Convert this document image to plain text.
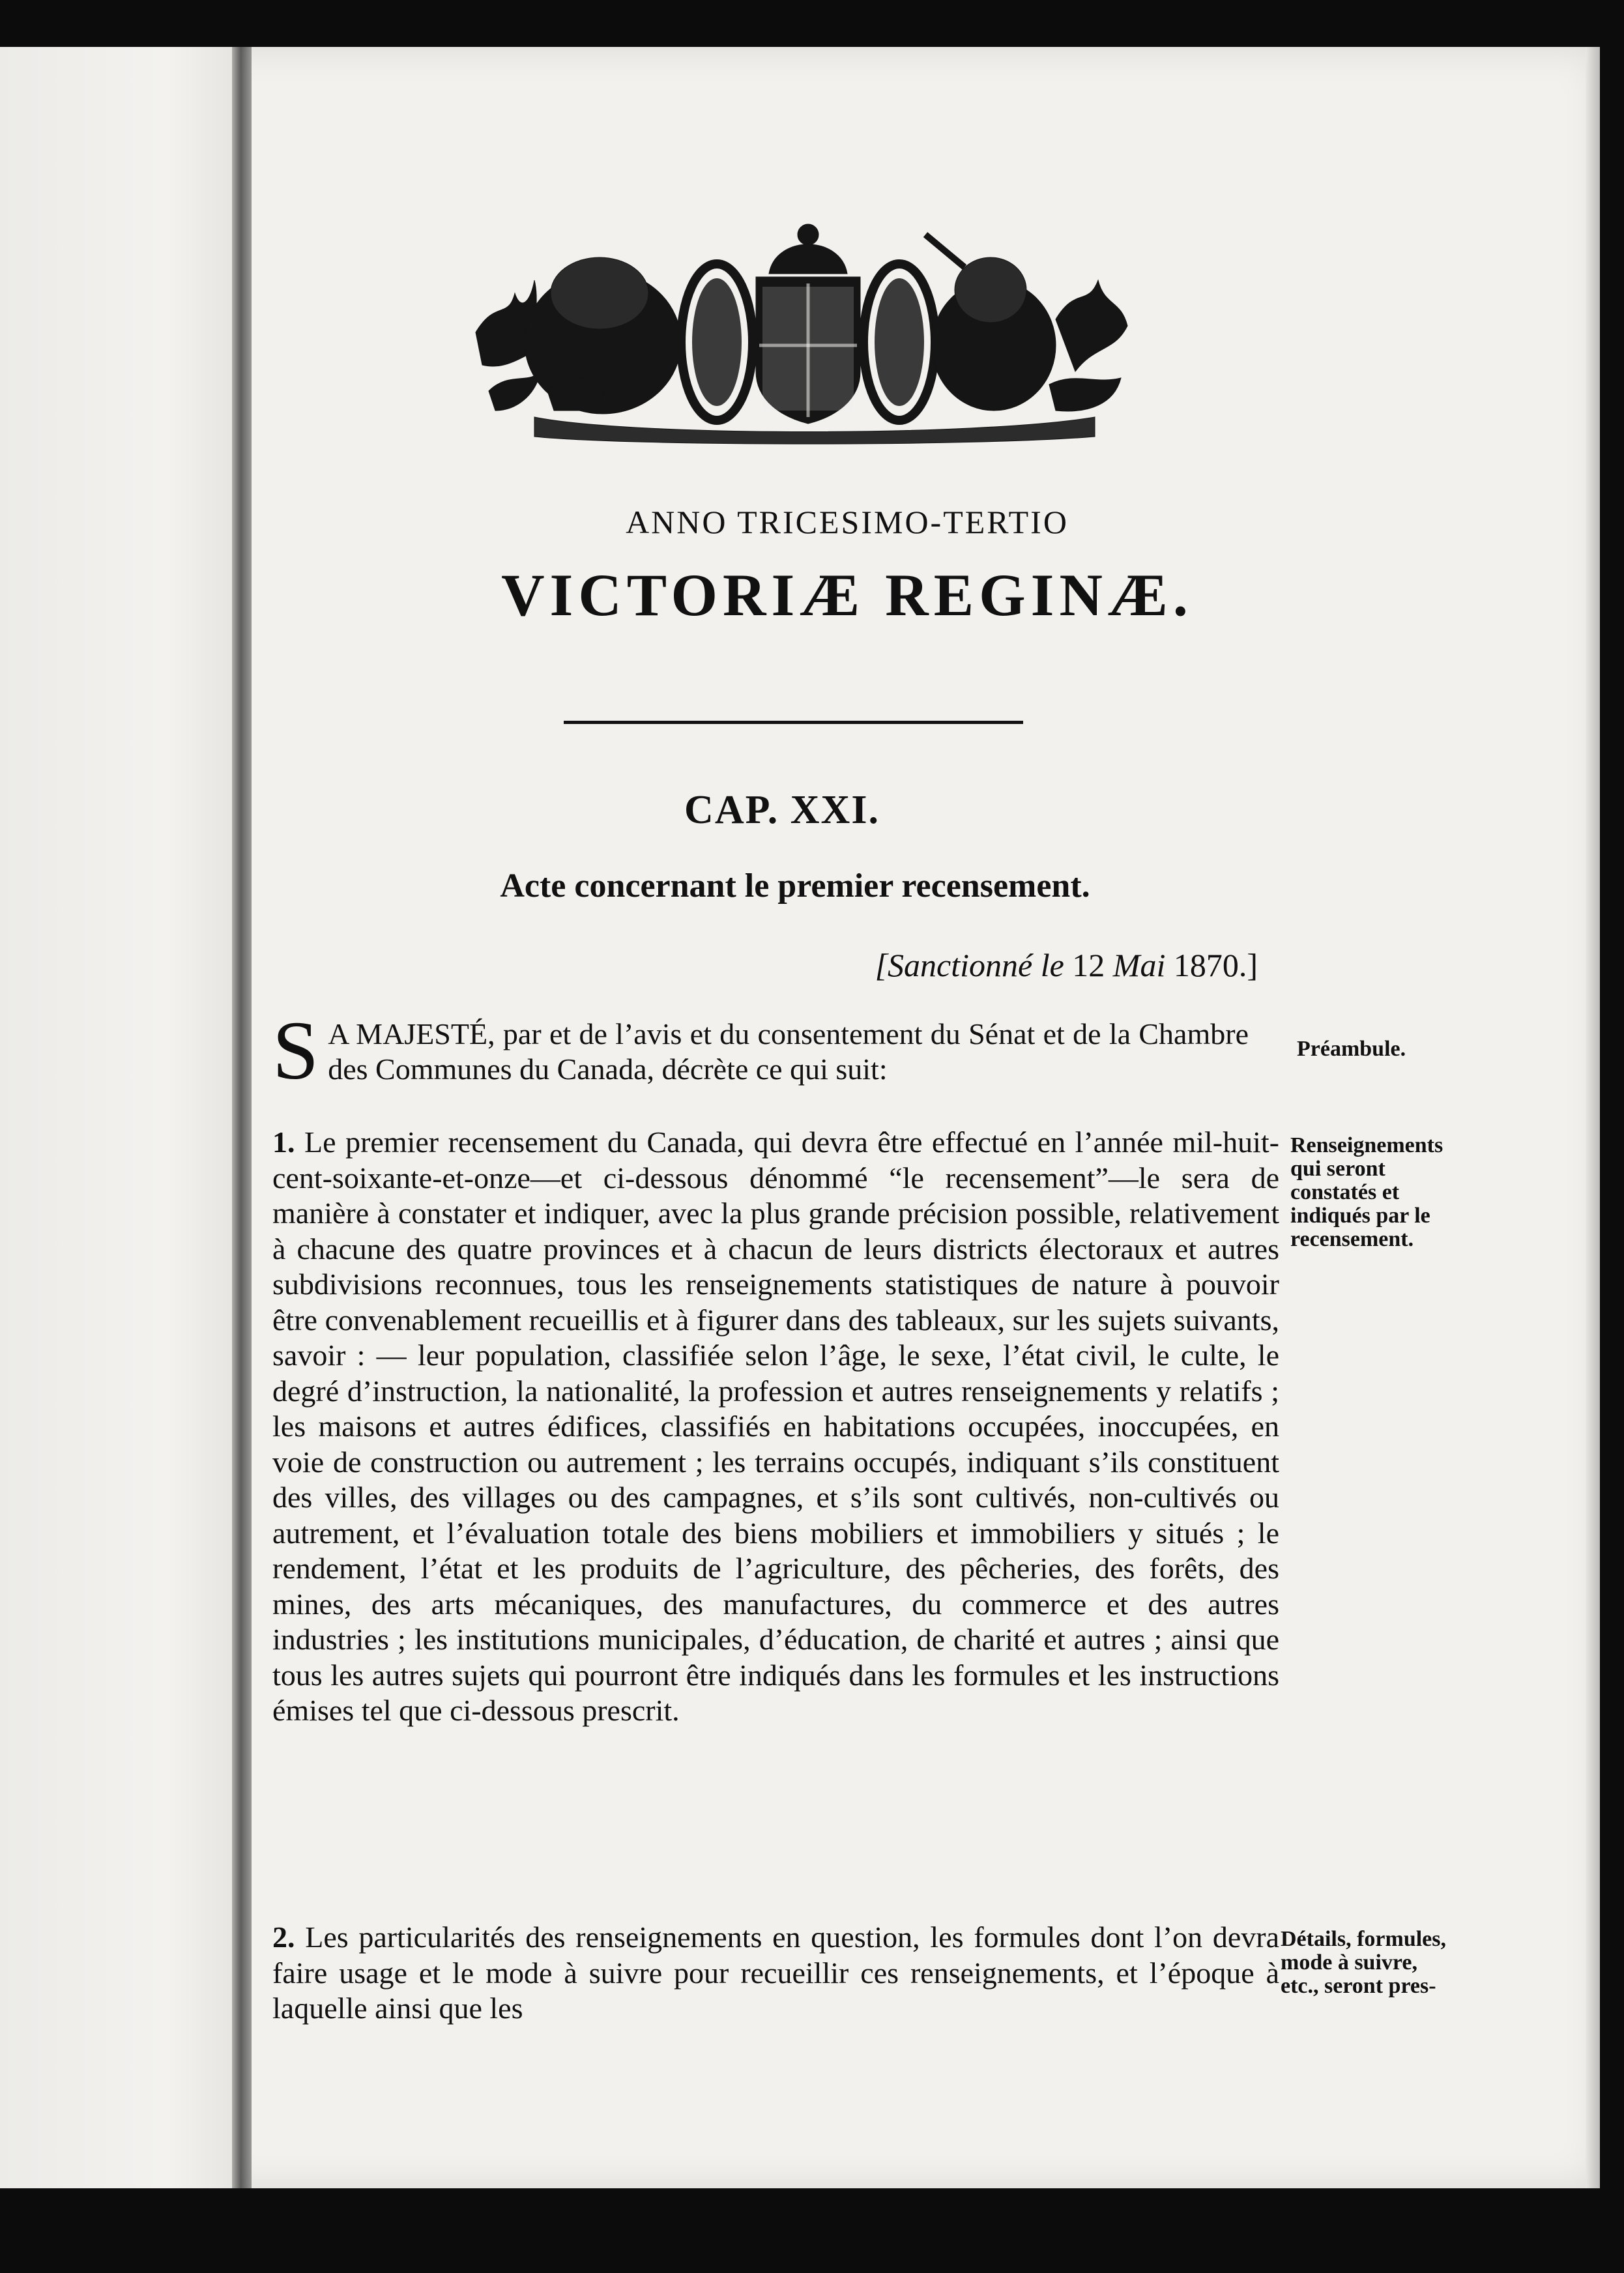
ANNO TRICESIMO-TERTIO
VICTORIÆ REGINÆ.
CAP. XXI.
Acte concernant le premier recensement.
[Sanctionné le 12 Mai 1870.]
S A MAJESTÉ, par et de l’avis et du consentement du Sénat et de la Chambre des Communes du Canada, décrète ce qui suit:
Préambule.
1. Le premier recensement du Canada, qui devra être effectué en l’année mil-huit-cent-soixante-et-onze—et ci-dessous dénommé “le recensement”—le sera de manière à constater et indiquer, avec la plus grande précision possible, relativement à chacune des quatre provinces et à chacun de leurs districts électoraux et autres subdivisions reconnues, tous les renseignements statistiques de nature à pouvoir être convenablement recueillis et à figurer dans des tableaux, sur les sujets suivants, savoir : — leur population, classifiée selon l’âge, le sexe, l’état civil, le culte, le degré d’instruction, la nationalité, la profession et autres renseignements y relatifs ; les maisons et autres édifices, classifiés en habitations occupées, inoccupées, en voie de construction ou autrement ; les terrains occupés, indiquant s’ils constituent des villes, des villages ou des campagnes, et s’ils sont cultivés, non-cultivés ou autrement, et l’évaluation totale des biens mobiliers et immobiliers y situés ; le rendement, l’état et les produits de l’agriculture, des pêcheries, des forêts, des mines, des arts mécaniques, des manufactures, du commerce et des autres industries ; les institutions municipales, d’éducation, de charité et autres ; ainsi que tous les autres sujets qui pourront être indiqués dans les formules et les instructions émises tel que ci-dessous prescrit.
Renseignements qui seront constatés et indiqués par le recensement.
2. Les particularités des renseignements en question, les formules dont l’on devra faire usage et le mode à suivre pour recueillir ces renseignements, et l’époque à laquelle ainsi que les
Détails, formules, mode à suivre, etc., seront pres-
